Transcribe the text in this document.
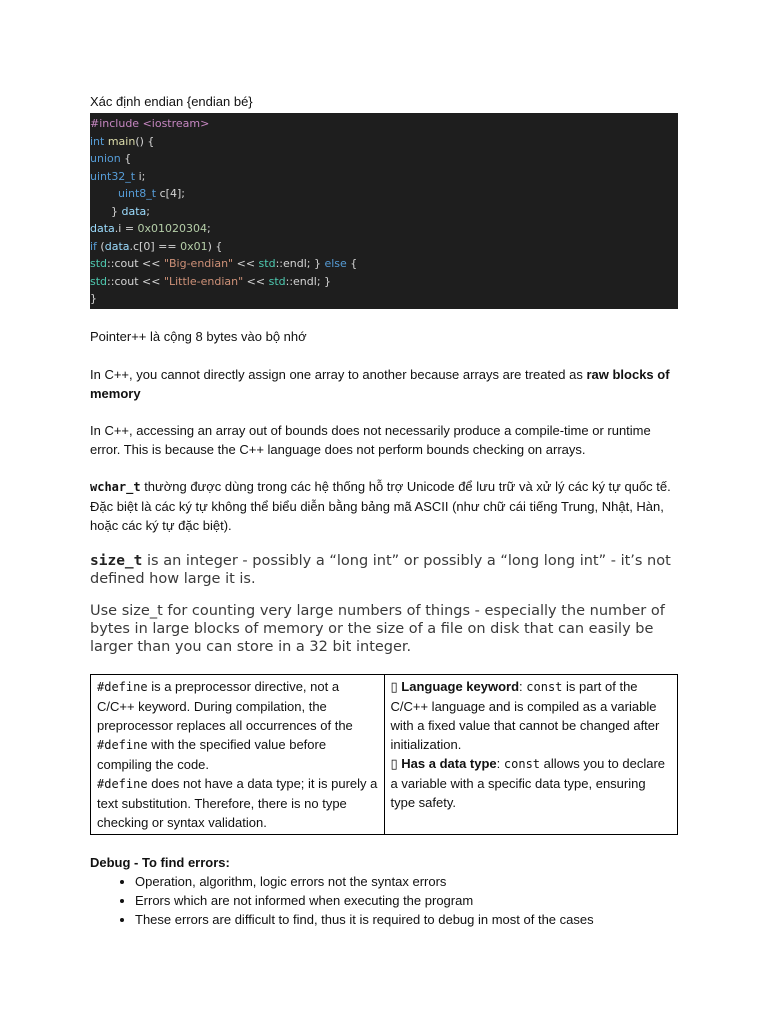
Xác định endian {endian bé}

#include <iostream>
int main() {
union {
uint32_t i;
uint8_t c[4];
} data;
data.i = 0x01020304;
if (data.c[0] == 0x01) {
std::cout << "Big-endian" << std::endl; } else {
std::cout << "Little-endian" << std::endl; }
}

Pointer++ là cộng 8 bytes vào bộ nhớ

In C++, you cannot directly assign one array to another because arrays are treated as raw blocks of memory

In C++, accessing an array out of bounds does not necessarily produce a compile-time or runtime error. This is because the C++ language does not perform bounds checking on arrays.

wchar_t thường được dùng trong các hệ thống hỗ trợ Unicode để lưu trữ và xử lý các ký tự quốc tế. Đặc biệt là các ký tự không thể biểu diễn bằng bảng mã ASCII (như chữ cái tiếng Trung, Nhật, Hàn, hoặc các ký tự đặc biệt).

size_t is an integer - possibly a “long int” or possibly a “long long int” - it’s not defined how large it is.

Use size_t for counting very large numbers of things - especially the number of bytes in large blocks of memory or the size of a file on disk that can easily be larger than you can store in a 32 bit integer.

#define is a preprocessor directive, not a C/C++ keyword. During compilation, the preprocessor replaces all occurrences of the #define with the specified value before compiling the code.
#define does not have a data type; it is purely a text substitution. Therefore, there is no type checking or syntax validation.	▯ Language keyword: const is part of the C/C++ language and is compiled as a variable with a fixed value that cannot be changed after initialization.
▯ Has a data type: const allows you to declare a variable with a specific data type, ensuring type safety.

Debug - To find errors:

• Operation, algorithm, logic errors not the syntax errors
• Errors which are not informed when executing the program
• These errors are difficult to find, thus it is required to debug in most of the cases
